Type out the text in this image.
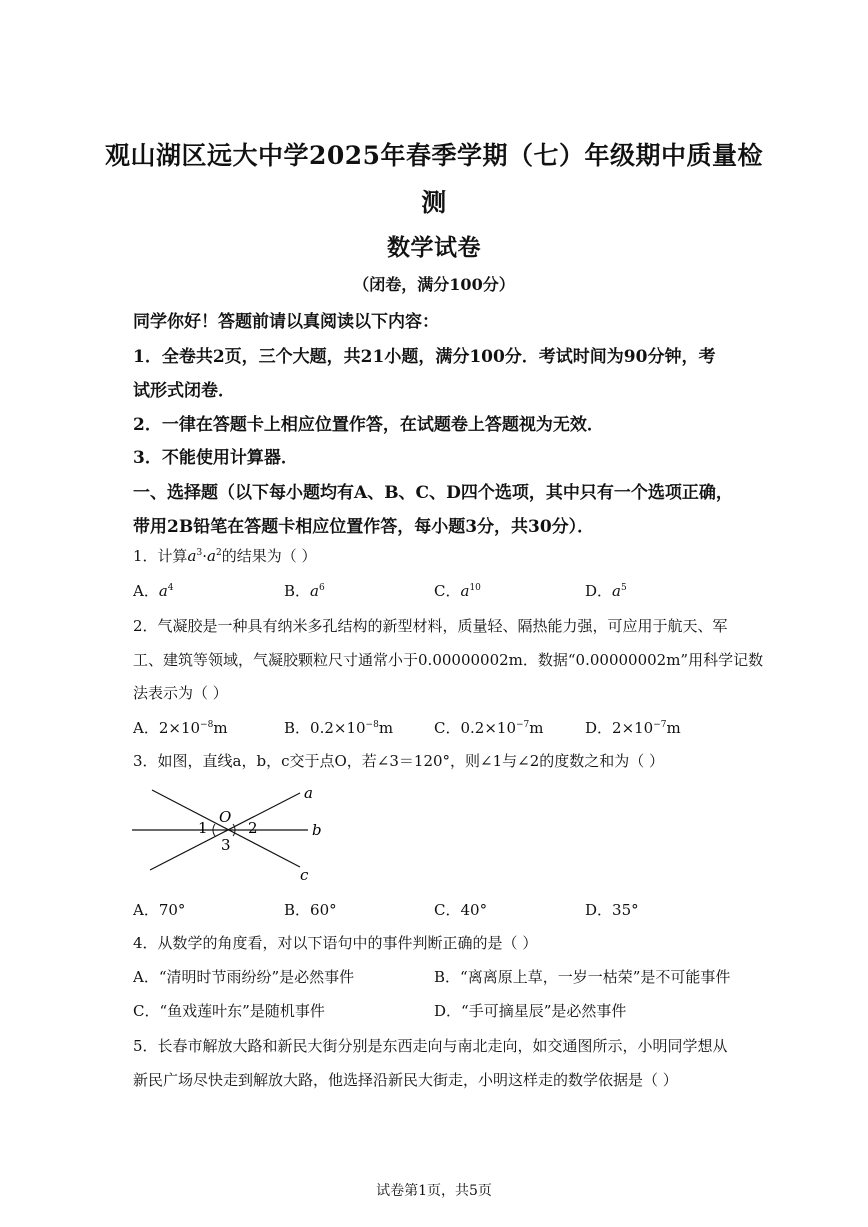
观山湖区远大中学2025年春季学期（七）年级期中质量检
测
数学试卷
（闭卷，满分100分）
同学你好！答题前请以真阅读以下内容：
1．全卷共2页，三个大题，共21小题，满分100分．考试时间为90分钟，考
试形式闭卷．
2．一律在答题卡上相应位置作答，在试题卷上答题视为无效．
3．不能使用计算器．
一、选择题（以下每小题均有A、B、C、D四个选项，其中只有一个选项正确，
带用2B铅笔在答题卡相应位置作答，每小题3分，共30分）．
1．计算$a^3\cdot a^2$的结果为（ ）
A．$a^4$	B．$a^6$	C．$a^{10}$	D．$a^5$
2．气凝胶是一种具有纳米多孔结构的新型材料，质量轻、隔热能力强，可应用于航天、军
工、建筑等领域，气凝胶颗粒尺寸通常小于0.00000002m．数据“0.00000002m”用科学记数
法表示为（ ）
A．$2\times 10^{-8}m$	B．$0.2\times 10^{-8}m$	C．$0.2\times 10^{-7}m$	D．$2\times 10^{-7}m$
3．如图，直线a，b，c交于点O，若∠3＝120°，则∠1与∠2的度数之和为（ ）
a
b
c
O
1	2
3
A．70°	B．60°	C．40°	D．35°
4．从数学的角度看，对以下语句中的事件判断正确的是（ ）
A．“清明时节雨纷纷”是必然事件	B．“离离原上草，一岁一枯荣”是不可能事件
C．“鱼戏莲叶东”是随机事件	D．“手可摘星辰”是必然事件
5．长春市解放大路和新民大街分别是东西走向与南北走向，如交通图所示，小明同学想从
新民广场尽快走到解放大路，他选择沿新民大街走，小明这样走的数学依据是（ ）
试卷第1页，共5页
